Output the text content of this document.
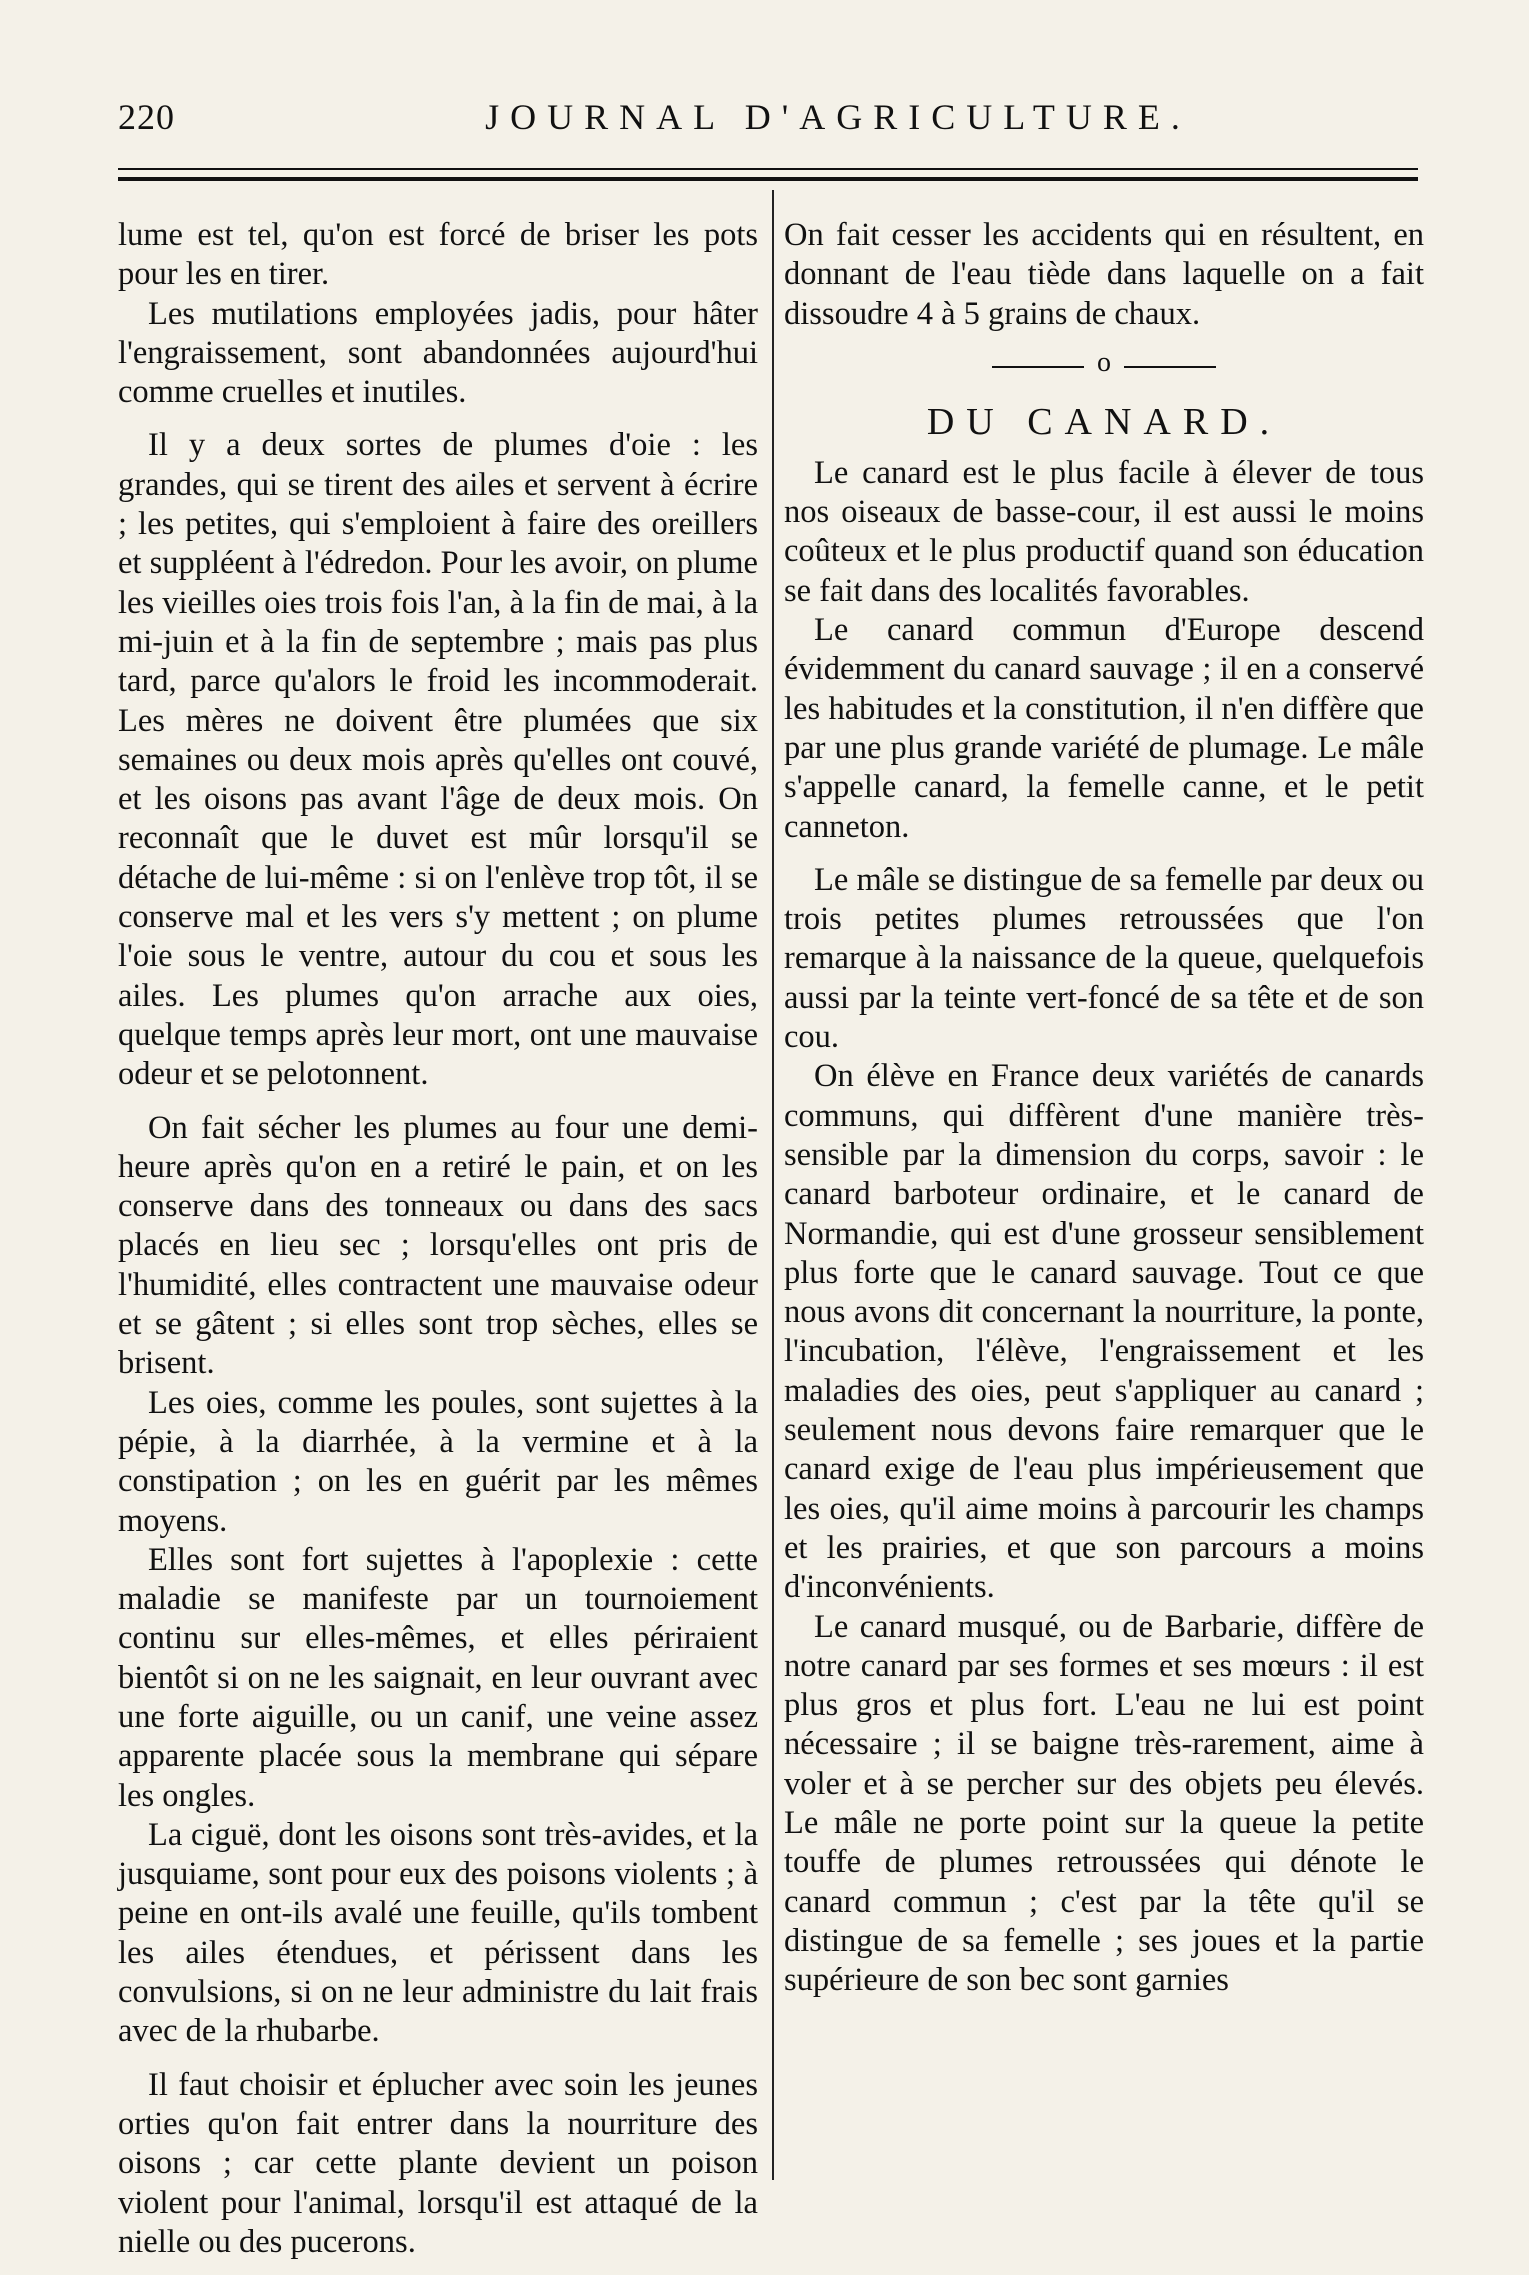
220	JOURNAL D'AGRICULTURE.

lume est tel, qu'on est forcé de briser les pots pour les en tirer.

Les mutilations employées jadis, pour hâter l'engraissement, sont abandonnées aujourd'hui comme cruelles et inutiles.

Il y a deux sortes de plumes d'oie : les grandes, qui se tirent des ailes et servent à écrire ; les petites, qui s'emploient à faire des oreillers et suppléent à l'édredon. Pour les avoir, on plume les vieilles oies trois fois l'an, à la fin de mai, à la mi-juin et à la fin de septembre ; mais pas plus tard, parce qu'alors le froid les incommoderait. Les mères ne doivent être plumées que six semaines ou deux mois après qu'elles ont couvé, et les oisons pas avant l'âge de deux mois. On reconnaît que le duvet est mûr lorsqu'il se détache de lui-même : si on l'enlève trop tôt, il se conserve mal et les vers s'y mettent ; on plume l'oie sous le ventre, autour du cou et sous les ailes. Les plumes qu'on arrache aux oies, quelque temps après leur mort, ont une mauvaise odeur et se pelotonnent.

On fait sécher les plumes au four une demi-heure après qu'on en a retiré le pain, et on les conserve dans des tonneaux ou dans des sacs placés en lieu sec ; lorsqu'elles ont pris de l'humidité, elles contractent une mauvaise odeur et se gâtent ; si elles sont trop sèches, elles se brisent.

Les oies, comme les poules, sont sujettes à la pépie, à la diarrhée, à la vermine et à la constipation ; on les en guérit par les mêmes moyens.

Elles sont fort sujettes à l'apoplexie : cette maladie se manifeste par un tournoiement continu sur elles-mêmes, et elles périraient bientôt si on ne les saignait, en leur ouvrant avec une forte aiguille, ou un canif, une veine assez apparente placée sous la membrane qui sépare les ongles.

La ciguë, dont les oisons sont très-avides, et la jusquiame, sont pour eux des poisons violents ; à peine en ont-ils avalé une feuille, qu'ils tombent les ailes étendues, et périssent dans les convulsions, si on ne leur administre du lait frais avec de la rhubarbe.

Il faut choisir et éplucher avec soin les jeunes orties qu'on fait entrer dans la nourriture des oisons ; car cette plante devient un poison violent pour l'animal, lorsqu'il est attaqué de la nielle ou des pucerons.

On fait cesser les accidents qui en résultent, en donnant de l'eau tiède dans laquelle on a fait dissoudre 4 à 5 grains de chaux.

o
DU CANARD.

Le canard est le plus facile à élever de tous nos oiseaux de basse-cour, il est aussi le moins coûteux et le plus productif quand son éducation se fait dans des localités favorables.

Le canard commun d'Europe descend évidemment du canard sauvage ; il en a conservé les habitudes et la constitution, il n'en diffère que par une plus grande variété de plumage. Le mâle s'appelle canard, la femelle canne, et le petit canneton.

Le mâle se distingue de sa femelle par deux ou trois petites plumes retroussées que l'on remarque à la naissance de la queue, quelquefois aussi par la teinte vert-foncé de sa tête et de son cou.

On élève en France deux variétés de canards communs, qui diffèrent d'une manière très-sensible par la dimension du corps, savoir : le canard barboteur ordinaire, et le canard de Normandie, qui est d'une grosseur sensiblement plus forte que le canard sauvage. Tout ce que nous avons dit concernant la nourriture, la ponte, l'incubation, l'élève, l'engraissement et les maladies des oies, peut s'appliquer au canard ; seulement nous devons faire remarquer que le canard exige de l'eau plus impérieusement que les oies, qu'il aime moins à parcourir les champs et les prairies, et que son parcours a moins d'inconvénients.

Le canard musqué, ou de Barbarie, diffère de notre canard par ses formes et ses mœurs : il est plus gros et plus fort. L'eau ne lui est point nécessaire ; il se baigne très-rarement, aime à voler et à se percher sur des objets peu élevés. Le mâle ne porte point sur la queue la petite touffe de plumes retroussées qui dénote le canard commun ; c'est par la tête qu'il se distingue de sa femelle ; ses joues et la partie supérieure de son bec sont garnies
